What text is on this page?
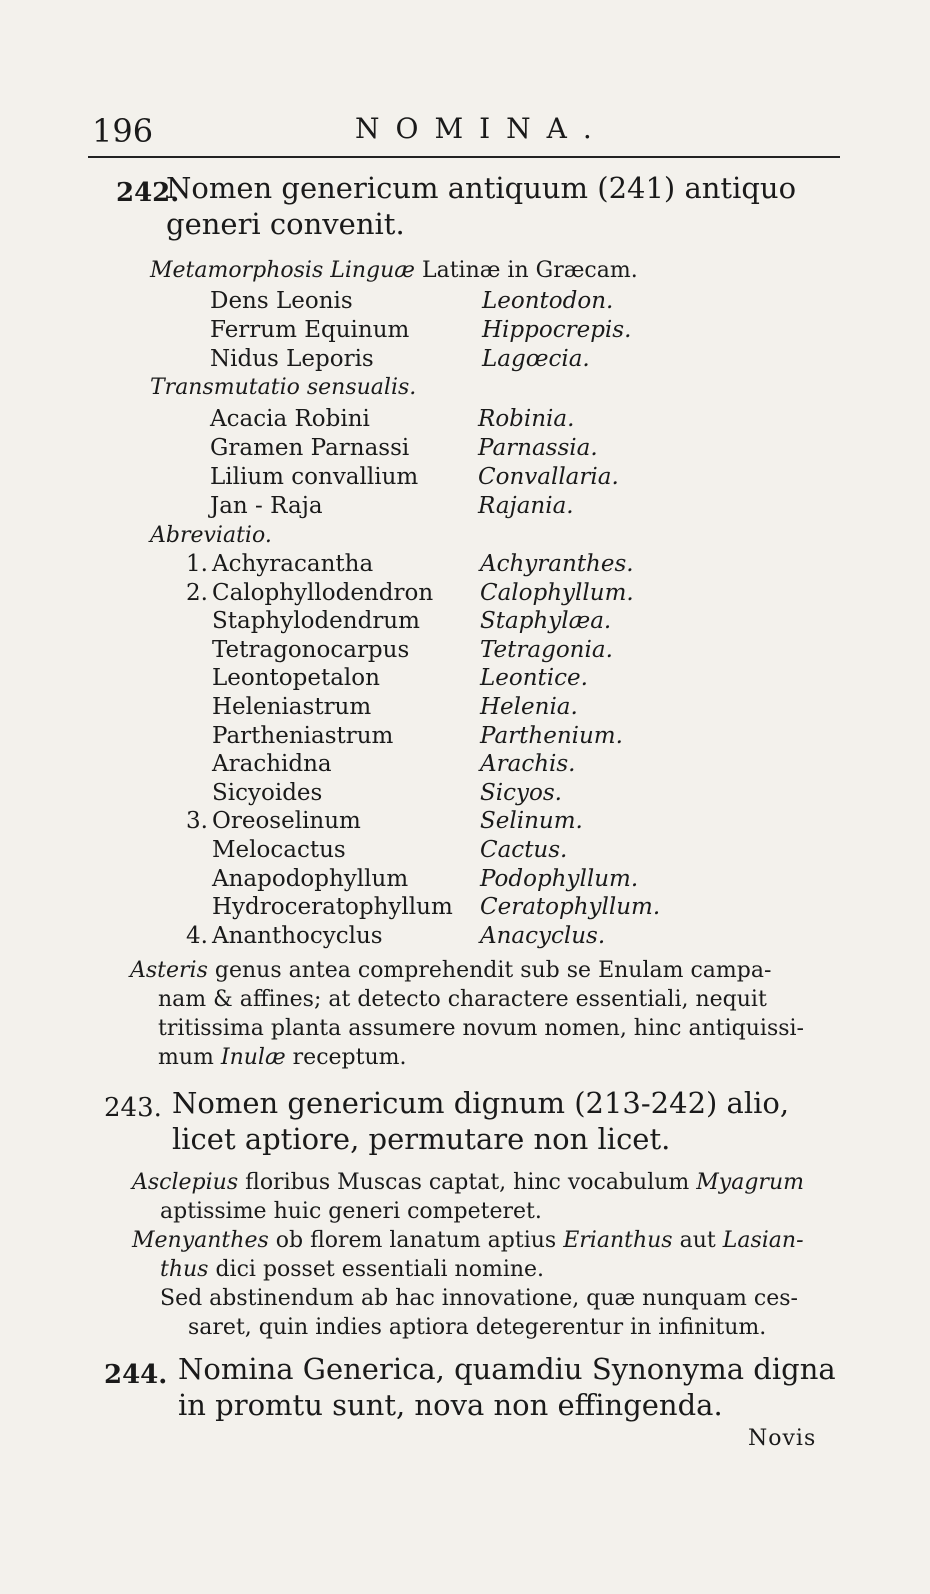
196	NOMINA.
242.
Nomen genericum antiquum (241) antiquo generi convenit.
Metamorphosis Linguæ Latinæ in Græcam.
Dens Leonis	Leontodon.
Ferrum Equinum	Hippocrepis.
Nidus Leporis	Lagœcia.
Transmutatio sensualis.
Acacia Robini	Robinia.
Gramen Parnassi	Parnassia.
Lilium convallium	Convallaria.
Jan - Raja	Rajania.
Abreviatio.
1. Achyracantha	Achyranthes.
2. Calophyllodendron Calophyllum.
Staphylodendrum	Staphylæa.
Tetragonocarpus	Tetragonia.
Leontopetalon	Leontice.
Heleniastrum	Helenia.
Partheniastrum	Parthenium.
Arachidna	Arachis.
Sicyoides	Sicyos.
3. Oreoselinum	Selinum.
Melocactus	Cactus.
Anapodophyllum	Podophyllum.
Hydroceratophyllum Ceratophyllum.
4. Ananthocyclus	Anacyclus.
Asteris genus antea comprehendit sub se Enulam campa-
nam & affines; at detecto charactere essentiali, nequit
tritissima planta assumere novum nomen, hinc antiquissi-
mum Inulæ receptum.
243. Nomen genericum dignum (213-242) alio,
licet aptiore, permutare non licet.
Asclepius floribus Muscas captat, hinc vocabulum Myagrum
aptissime huic generi competeret.
Menyanthes ob florem lanatum aptius Erianthus aut Lasian-
thus dici posset essentiali nomine.
Sed abstinendum ab hac innovatione, quæ nunquam ces-
saret, quin indies aptiora detegerentur in infinitum.
244. Nomina Generica, quamdiu Synonyma digna
in promtu sunt, nova non effingenda.
Novis
